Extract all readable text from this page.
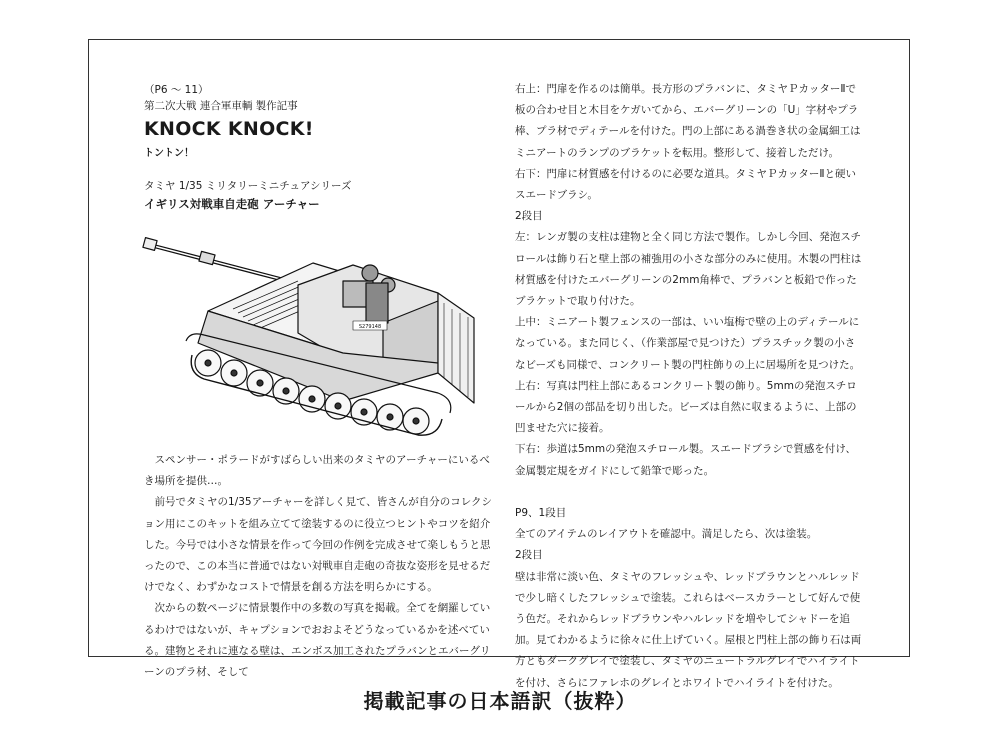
（P6 ～ 11）
第二次大戦 連合軍車輌 製作記事
KNOCK KNOCK!
トントン！
タミヤ 1/35 ミリタリーミニチュアシリーズ
イギリス対戦車自走砲 アーチャー
S279148

スペンサー・ポラードがすばらしい出来のタミヤのアーチャーにいるべき場所を提供…。

前号でタミヤの1/35アーチャーを詳しく見て、皆さんが自分のコレクション用にこのキットを組み立てて塗装するのに役立つヒントやコツを紹介した。今号では小さな情景を作って今回の作例を完成させて楽しもうと思ったので、この本当に普通ではない対戦車自走砲の奇抜な姿形を見せるだけでなく、わずかなコストで情景を創る方法を明らかにする。

次からの数ページに情景製作中の多数の写真を掲載。全てを網羅しているわけではないが、キャプションでおおよそどうなっているかを述べている。建物とそれに連なる壁は、エンボス加工されたプラバンとエバーグリーンのプラ材、そして

右上：門扉を作るのは簡単。長方形のプラバンに、タミヤＰカッターⅡで板の合わせ目と木目をケガいてから、エバーグリーンの「U」字材やプラ棒、プラ材でディテールを付けた。門の上部にある渦巻き状の金属細工はミニアートのランプのブラケットを転用。整形して、接着しただけ。

右下：門扉に材質感を付けるのに必要な道具。タミヤＰカッターⅡと硬いスエードブラシ。

2段目

左：レンガ製の支柱は建物と全く同じ方法で製作。しかし今回、発泡スチロールは飾り石と壁上部の補強用の小さな部分のみに使用。木製の門柱は材質感を付けたエバーグリーンの2mm角棒で、プラバンと板鉛で作ったブラケットで取り付けた。

上中：ミニアート製フェンスの一部は、いい塩梅で壁の上のディテールになっている。また同じく、（作業部屋で見つけた）プラスチック製の小さなビーズも同様で、コンクリート製の門柱飾りの上に居場所を見つけた。

上右：写真は門柱上部にあるコンクリート製の飾り。5mmの発泡スチロールから2個の部品を切り出した。ビーズは自然に収まるように、上部の凹ませた穴に接着。

下右：歩道は5mmの発泡スチロール製。スエードブラシで質感を付け、金属製定規をガイドにして鉛筆で彫った。

P9、1段目

全てのアイテムのレイアウトを確認中。満足したら、次は塗装。

2段目

壁は非常に淡い色、タミヤのフレッシュや、レッドブラウンとハルレッドで少し暗くしたフレッシュで塗装。これらはベースカラーとして好んで使う色だ。それからレッドブラウンやハルレッドを増やしてシャドーを追加。見てわかるように徐々に仕上げていく。屋根と門柱上部の飾り石は両方ともダークグレイで塗装し、タミヤのニュートラルグレイでハイライトを付け、さらにファレホのグレイとホワイトでハイライトを付けた。

掲載記事の日本語訳（抜粋）
